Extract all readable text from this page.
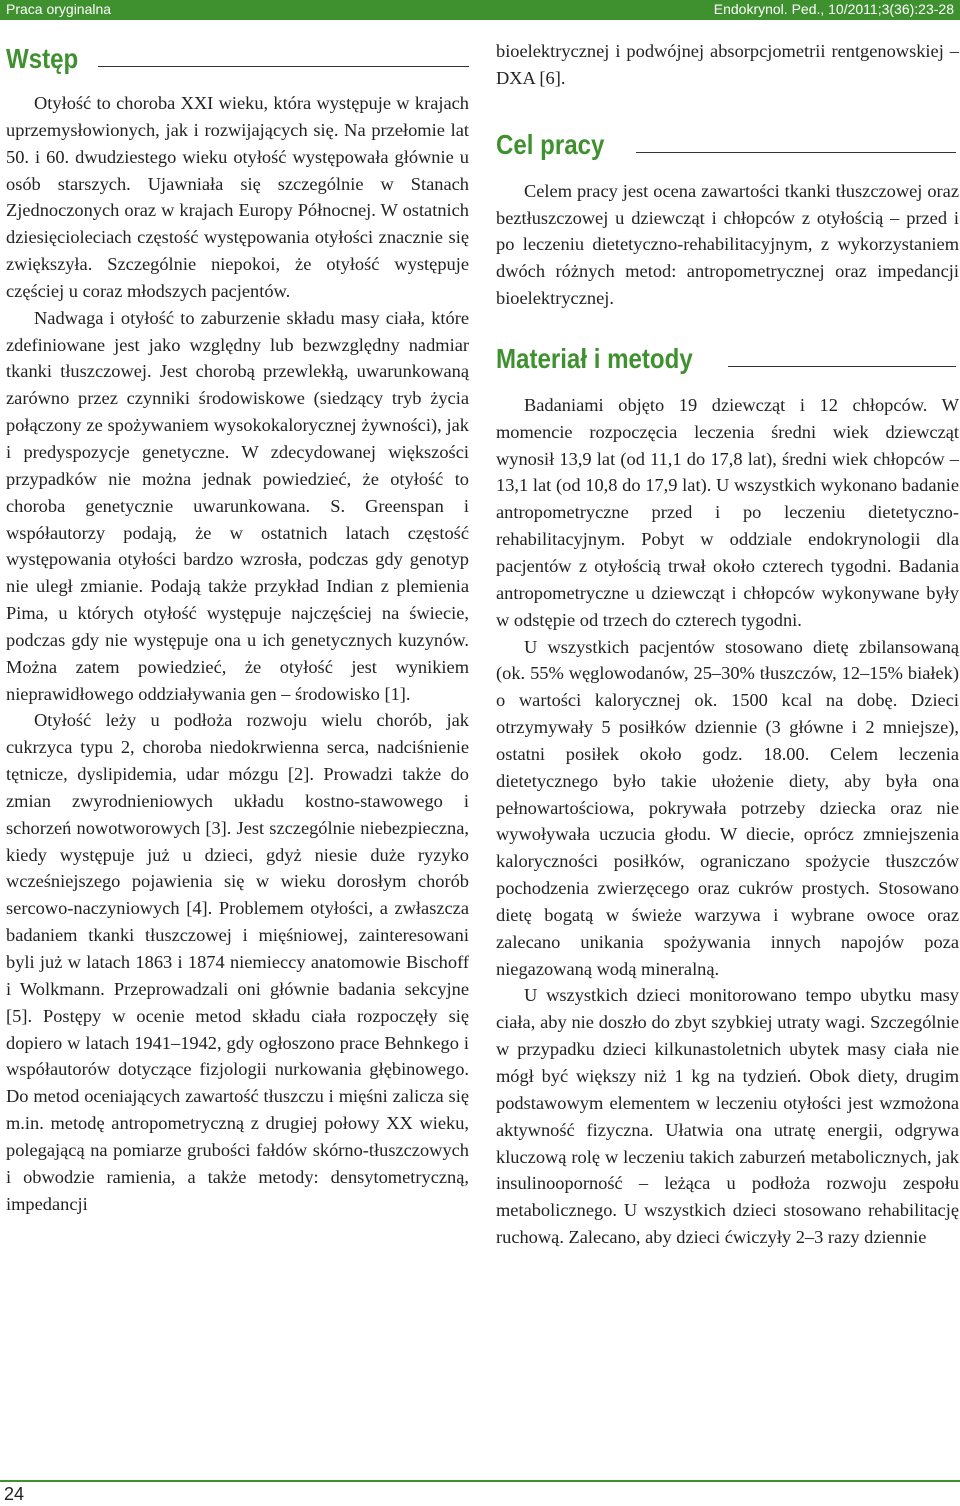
Praca oryginalna	Endokrynol. Ped., 10/2011;3(36):23-28
Wstęp

Otyłość to choroba XXI wieku, która występuje w krajach uprzemysłowionych, jak i rozwijających się. Na przełomie lat 50. i 60. dwudziestego wieku otyłość występowała głównie u osób starszych. Ujawniała się szczególnie w Stanach Zjednoczonych oraz w krajach Europy Północnej. W ostatnich dziesięcioleciach częstość występowania otyłości znacznie się zwiększyła. Szczególnie niepokoi, że otyłość występuje częściej u coraz młodszych pacjentów.

Nadwaga i otyłość to zaburzenie składu masy ciała, które zdefiniowane jest jako względny lub bezwzględny nadmiar tkanki tłuszczowej. Jest chorobą przewlekłą, uwarunkowaną zarówno przez czynniki środowiskowe (siedzący tryb życia połączony ze spożywaniem wysokokalorycznej żywności), jak i predyspozycje genetyczne. W zdecydowanej większości przypadków nie można jednak powiedzieć, że otyłość to choroba genetycznie uwarunkowana. S. Greenspan i współautorzy podają, że w ostatnich latach częstość występowania otyłości bardzo wzrosła, podczas gdy genotyp nie uległ zmianie. Podają także przykład Indian z plemienia Pima, u których otyłość występuje najczęściej na świecie, podczas gdy nie występuje ona u ich genetycznych kuzynów. Można zatem powiedzieć, że otyłość jest wynikiem nieprawidłowego oddziaływania gen – środowisko [1].

Otyłość leży u podłoża rozwoju wielu chorób, jak cukrzyca typu 2, choroba niedokrwienna serca, nadciśnienie tętnicze, dyslipidemia, udar mózgu [2]. Prowadzi także do zmian zwyrodnieniowych układu kostno-stawowego i schorzeń nowotworowych [3]. Jest szczególnie niebezpieczna, kiedy występuje już u dzieci, gdyż niesie duże ryzyko wcześniejszego pojawienia się w wieku dorosłym chorób sercowo-naczyniowych [4]. Problemem otyłości, a zwłaszcza badaniem tkanki tłuszczowej i mięśniowej, zainteresowani byli już w latach 1863 i 1874 niemieccy anatomowie Bischoff i Wolkmann. Przeprowadzali oni głównie badania sekcyjne [5]. Postępy w ocenie metod składu ciała rozpoczęły się dopiero w latach 1941–1942, gdy ogłoszono prace Behnkego i współautorów dotyczące fizjologii nurkowania głębinowego. Do metod oceniających zawartość tłuszczu i mięśni zalicza się m.in. metodę antropometryczną z drugiej połowy XX wieku, polegającą na pomiarze grubości fałdów skórno-tłuszczowych i obwodzie ramienia, a także metody: densytometryczną, impedancji

bioelektrycznej i podwójnej absorpcjometrii rentgenowskiej – DXA [6].

Cel pracy

Celem pracy jest ocena zawartości tkanki tłuszczowej oraz beztłuszczowej u dziewcząt i chłopców z otyłością – przed i po leczeniu dietetyczno-rehabilitacyjnym, z wykorzystaniem dwóch różnych metod: antropometrycznej oraz impedancji bioelektrycznej.

Materiał i metody

Badaniami objęto 19 dziewcząt i 12 chłopców. W momencie rozpoczęcia leczenia średni wiek dziewcząt wynosił 13,9 lat (od 11,1 do 17,8 lat), średni wiek chłopców – 13,1 lat (od 10,8 do 17,9 lat). U wszystkich wykonano badanie antropometryczne przed i po leczeniu dietetyczno-rehabilitacyjnym. Pobyt w oddziale endokrynologii dla pacjentów z otyłością trwał około czterech tygodni. Badania antropometryczne u dziewcząt i chłopców wykonywane były w odstępie od trzech do czterech tygodni.

U wszystkich pacjentów stosowano dietę zbilansowaną (ok. 55% węglowodanów, 25–30% tłuszczów, 12–15% białek) o wartości kalorycznej ok. 1500 kcal na dobę. Dzieci otrzymywały 5 posiłków dziennie (3 główne i 2 mniejsze), ostatni posiłek około godz. 18.00. Celem leczenia dietetycznego było takie ułożenie diety, aby była ona pełnowartościowa, pokrywała potrzeby dziecka oraz nie wywoływała uczucia głodu. W diecie, oprócz zmniejszenia kaloryczności posiłków, ograniczano spożycie tłuszczów pochodzenia zwierzęcego oraz cukrów prostych. Stosowano dietę bogatą w świeże warzywa i wybrane owoce oraz zalecano unikania spożywania innych napojów poza niegazowaną wodą mineralną.

U wszystkich dzieci monitorowano tempo ubytku masy ciała, aby nie doszło do zbyt szybkiej utraty wagi. Szczególnie w przypadku dzieci kilkunastoletnich ubytek masy ciała nie mógł być większy niż 1 kg na tydzień. Obok diety, drugim podstawowym elementem w leczeniu otyłości jest wzmożona aktywność fizyczna. Ułatwia ona utratę energii, odgrywa kluczową rolę w leczeniu takich zaburzeń metabolicznych, jak insulinooporność – leżąca u podłoża rozwoju zespołu metabolicznego. U wszystkich dzieci stosowano rehabilitację ruchową. Zalecano, aby dzieci ćwiczyły 2–3 razy dziennie

24
